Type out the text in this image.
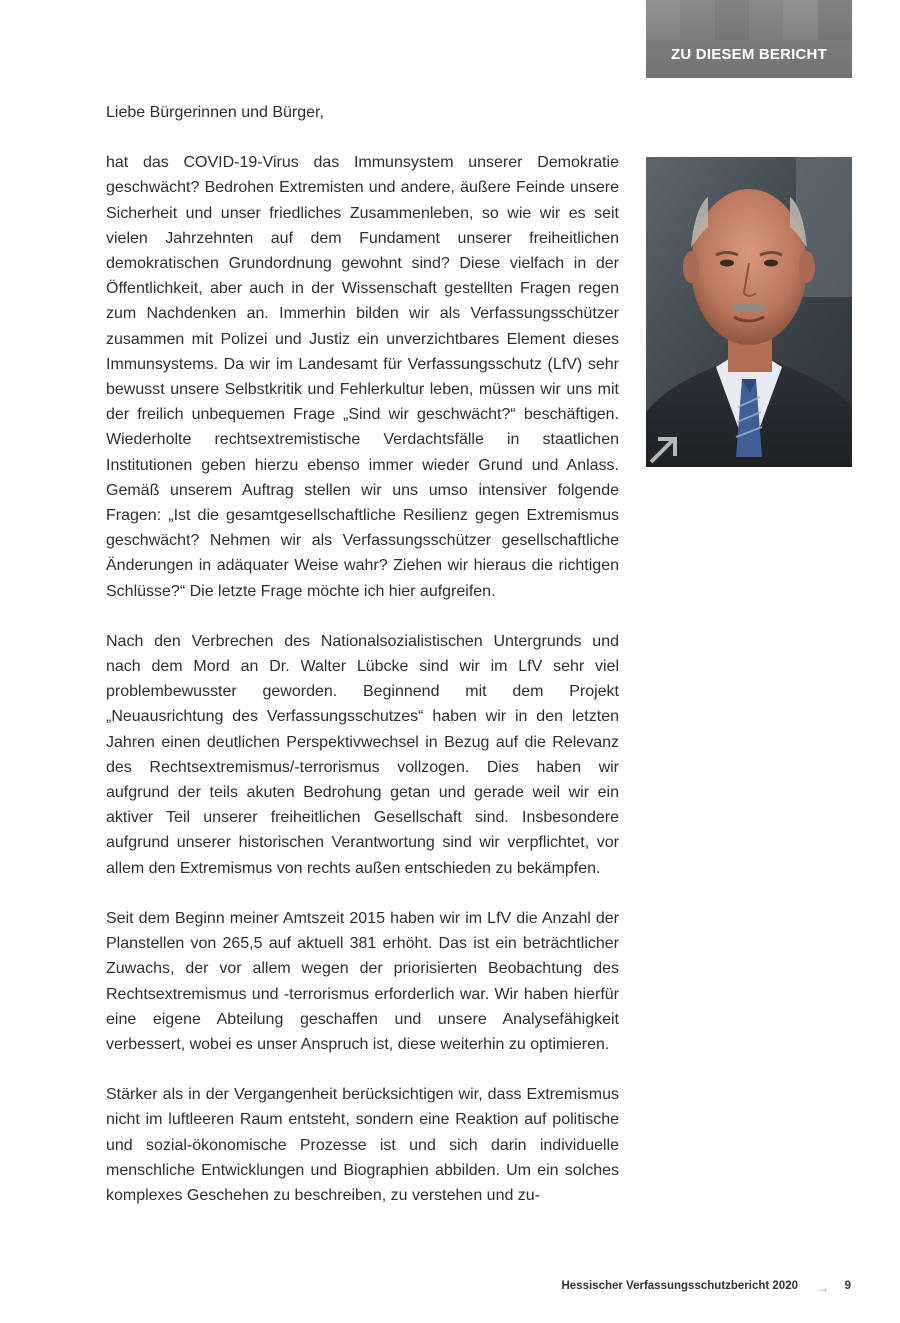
ZU DIESEM BERICHT

Liebe Bürgerinnen und Bürger,

hat das COVID-19-Virus das Immunsystem unserer Demokratie geschwächt? Bedrohen Extremisten und andere, äußere Feinde unsere Sicherheit und unser friedliches Zusammenleben, so wie wir es seit vielen Jahrzehnten auf dem Fundament unserer freiheitlichen demokratischen Grundordnung gewohnt sind? Diese vielfach in der Öffentlichkeit, aber auch in der Wissenschaft gestellten Fragen regen zum Nachdenken an. Immerhin bilden wir als Verfassungsschützer zusammen mit Polizei und Justiz ein unverzichtbares Element dieses Immunsystems. Da wir im Landesamt für Verfassungsschutz (LfV) sehr bewusst unsere Selbstkritik und Fehlerkultur leben, müssen wir uns mit der freilich unbequemen Frage „Sind wir geschwächt?“ beschäftigen. Wiederholte rechtsextremistische Verdachtsfälle in staatlichen Institutionen geben hierzu ebenso immer wieder Grund und Anlass. Gemäß unserem Auftrag stellen wir uns umso intensiver folgende Fragen: „Ist die gesamtgesellschaftliche Resilienz gegen Extremismus geschwächt? Nehmen wir als Verfassungsschützer gesellschaftliche Änderungen in adäquater Weise wahr? Ziehen wir hieraus die richtigen Schlüsse?“ Die letzte Frage möchte ich hier aufgreifen.

Nach den Verbrechen des Nationalsozialistischen Untergrunds und nach dem Mord an Dr. Walter Lübcke sind wir im LfV sehr viel problembewusster geworden. Beginnend mit dem Projekt „Neuausrichtung des Verfassungsschutzes“ haben wir in den letzten Jahren einen deutlichen Perspektivwechsel in Bezug auf die Relevanz des Rechtsextremismus/-terrorismus vollzogen. Dies haben wir aufgrund der teils akuten Bedrohung getan und gerade weil wir ein aktiver Teil unserer freiheitlichen Gesellschaft sind. Insbesondere aufgrund unserer historischen Verantwortung sind wir verpflichtet, vor allem den Extremismus von rechts außen entschieden zu bekämpfen.

Seit dem Beginn meiner Amtszeit 2015 haben wir im LfV die Anzahl der Planstellen von 265,5 auf aktuell 381 erhöht. Das ist ein beträchtlicher Zuwachs, der vor allem wegen der priorisierten Beobachtung des Rechtsextremismus und -terrorismus erforderlich war. Wir haben hierfür eine eigene Abteilung geschaffen und unsere Analysefähigkeit verbessert, wobei es unser Anspruch ist, diese weiterhin zu optimieren.

Stärker als in der Vergangenheit berücksichtigen wir, dass Extremismus nicht im luftleeren Raum entsteht, sondern eine Reaktion auf politische und sozial-ökonomische Prozesse ist und sich darin individuelle menschliche Entwicklungen und Biographien abbilden. Um ein solches komplexes Geschehen zu beschreiben, zu verstehen und zu-

Hessischer Verfassungsschutzbericht 2020 → 9
